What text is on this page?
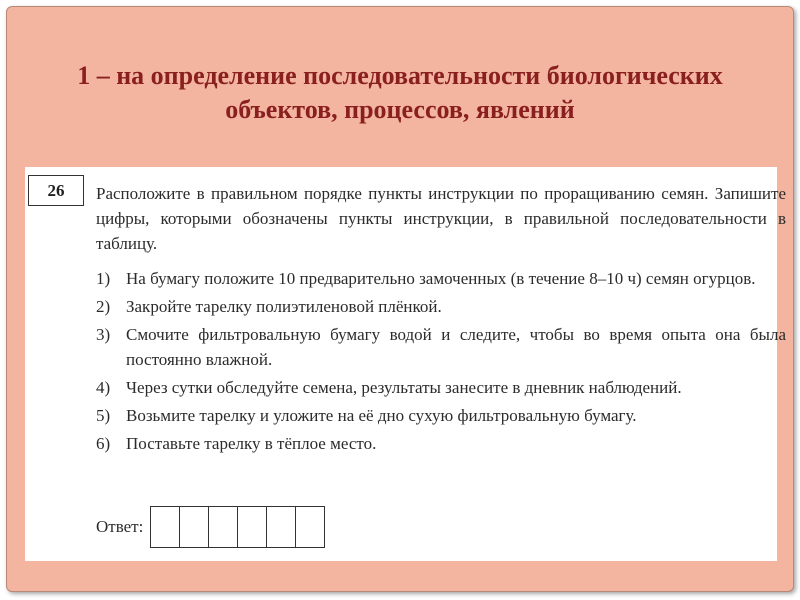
1 – на определение последовательности биологических
объектов, процессов, явлений
26	Расположите в правильном порядке пункты инструкции по проращиванию семян. Запишите цифры, которыми обозначены пункты инструкции, в правильной последовательности в таблицу.

1) На бумагу положите 10 предварительно замоченных (в течение 8–10 ч) семян огурцов.
2) Закройте тарелку полиэтиленовой плёнкой.
3) Смочите фильтровальную бумагу водой и следите, чтобы во время опыта она была постоянно влажной.
4) Через сутки обследуйте семена, результаты занесите в дневник наблюдений.
5) Возьмите тарелку и уложите на её дно сухую фильтровальную бумагу.
6) Поставьте тарелку в тёплое место.
Ответ:
